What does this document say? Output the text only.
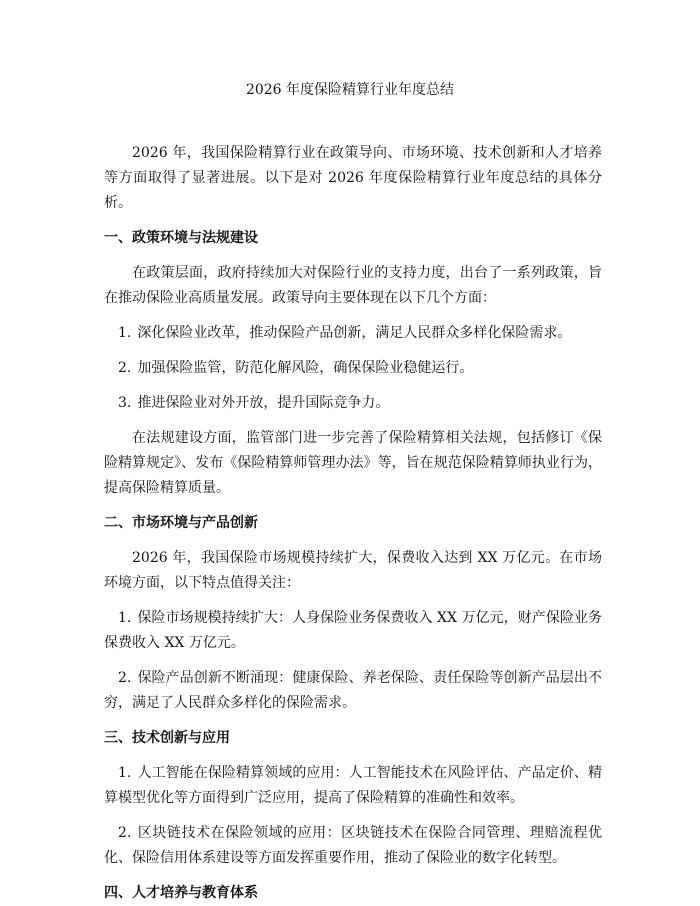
2026 年度保险精算行业年度总结

2026 年，我国保险精算行业在政策导向、市场环境、技术创新和人才培养等方面取得了显著进展。以下是对 2026 年度保险精算行业年度总结的具体分析。

一、政策环境与法规建设

在政策层面，政府持续加大对保险行业的支持力度，出台了一系列政策，旨在推动保险业高质量发展。政策导向主要体现在以下几个方面：

1. 深化保险业改革，推动保险产品创新，满足人民群众多样化保险需求。

2. 加强保险监管，防范化解风险，确保保险业稳健运行。

3. 推进保险业对外开放，提升国际竞争力。

在法规建设方面，监管部门进一步完善了保险精算相关法规，包括修订《保险精算规定》、发布《保险精算师管理办法》等，旨在规范保险精算师执业行为，提高保险精算质量。

二、市场环境与产品创新

2026 年，我国保险市场规模持续扩大，保费收入达到 XX 万亿元。在市场环境方面，以下特点值得关注：

1. 保险市场规模持续扩大：人身保险业务保费收入 XX 万亿元，财产保险业务保费收入 XX 万亿元。

2. 保险产品创新不断涌现：健康保险、养老保险、责任保险等创新产品层出不穷，满足了人民群众多样化的保险需求。

三、技术创新与应用

1. 人工智能在保险精算领域的应用：人工智能技术在风险评估、产品定价、精算模型优化等方面得到广泛应用，提高了保险精算的准确性和效率。

2. 区块链技术在保险领域的应用：区块链技术在保险合同管理、理赔流程优化、保险信用体系建设等方面发挥重要作用，推动了保险业的数字化转型。

四、人才培养与教育体系
